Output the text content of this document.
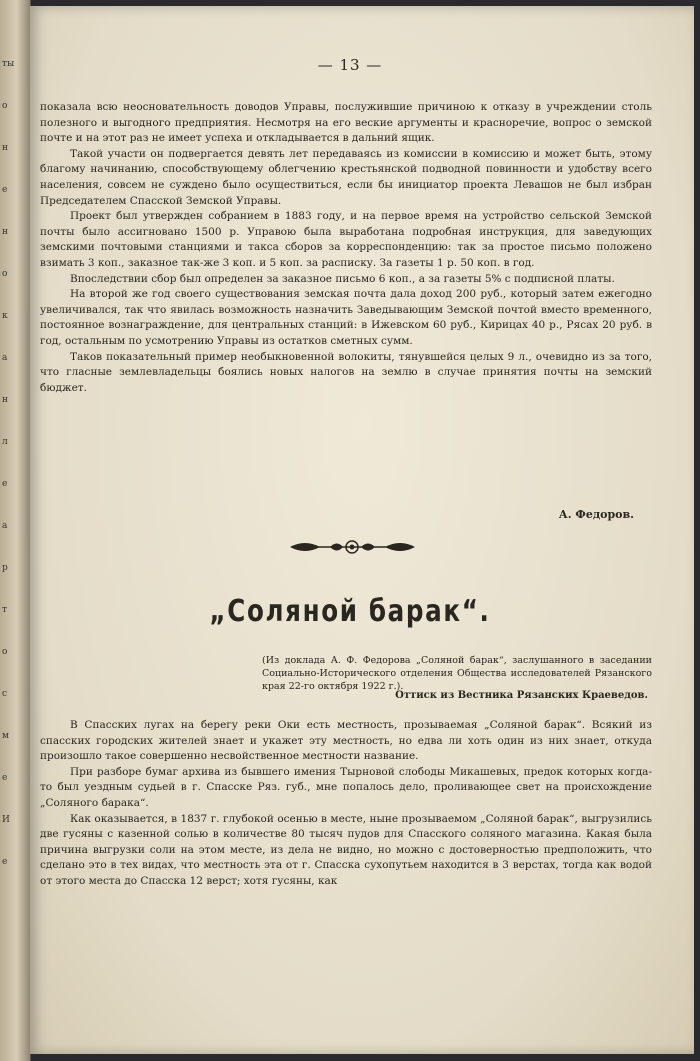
ты
о
н
е
н
о
к
а
н
л
е
а
р
т
о
с
м
е
И
е
— 13 —

показала всю неосновательность доводов Управы, послужившие причиною к отказу в учреждении столь полезного и выгодного предприятия. Несмотря на его веские аргументы и красноречие, вопрос о земской почте и на этот раз не имеет успеха и откладывается в дальний ящик.

Такой участи он подвергается девять лет передаваясь из комиссии в комиссию и может быть, этому благому начинанию, способствующему облегчению крестьянской подводной повинности и удобству всего населения, совсем не суждено было осуществиться, если бы инициатор проекта Левашов не был избран Председателем Спасской Земской Управы.

Проект был утвержден собранием в 1883 году, и на первое время на устройство сельской Земской почты было ассигновано 1500 р. Управою была выработана подробная инструкция, для заведующих земскими почтовыми станциями и такса сборов за корреспонденцию: так за простое письмо положено взимать 3 коп., заказное так-же 3 коп. и 5 коп. за расписку. За газеты 1 р. 50 коп. в год.

Впоследствии сбор был определен за заказное письмо 6 коп., а за газеты 5% с подписной платы.

На второй же год своего существования земская почта дала доход 200 руб., который затем ежегодно увеличивался, так что явилась возможность назначить Заведывающим Земской почтой вместо временного, постоянное вознаграждение, для центральных станций: в Ижевском 60 руб., Кирицах 40 р., Рясах 20 руб. в год, остальным по усмотрению Управы из остатков сметных сумм.

Таков показательный пример необыкновенной волокиты, тянувшейся целых 9 л., очевидно из за того, что гласные землевладельцы боялись новых налогов на землю в случае принятия почты на земский бюджет.

А. Федоров.
„Соляной барак“.
(Из доклада А. Ф. Федорова „Соляной барак“, заслушанного в заседании Социально-Исторического отделения Общества исследователей Рязанского края 22-го октября 1922 г.).
Оттиск из Вестника Рязанских Краеведов.

В Спасских лугах на берегу реки Оки есть местность, прозываемая „Соляной барак“. Всякий из спасских городских жителей знает и укажет эту местность, но едва ли хоть один из них знает, откуда произошло такое совершенно несвойственное местности название.

При разборе бумаг архива из бывшего имения Тырновой слободы Микашевых, предок которых когда-то был уездным судьей в г. Спасске Ряз. губ., мне попалось дело, проливающее свет на происхождение „Соляного барака“.

Как оказывается, в 1837 г. глубокой осенью в месте, ныне прозываемом „Соляной барак“, выгрузились две гусяны с казенной солью в количестве 80 тысяч пудов для Спасского соляного магазина. Какая была причина выгрузки соли на этом месте, из дела не видно, но можно с достоверностью предположить, что сделано это в тех видах, что местность эта от г. Спасска сухопутьем находится в 3 верстах, тогда как водой от этого места до Спасска 12 верст; хотя гусяны, как
